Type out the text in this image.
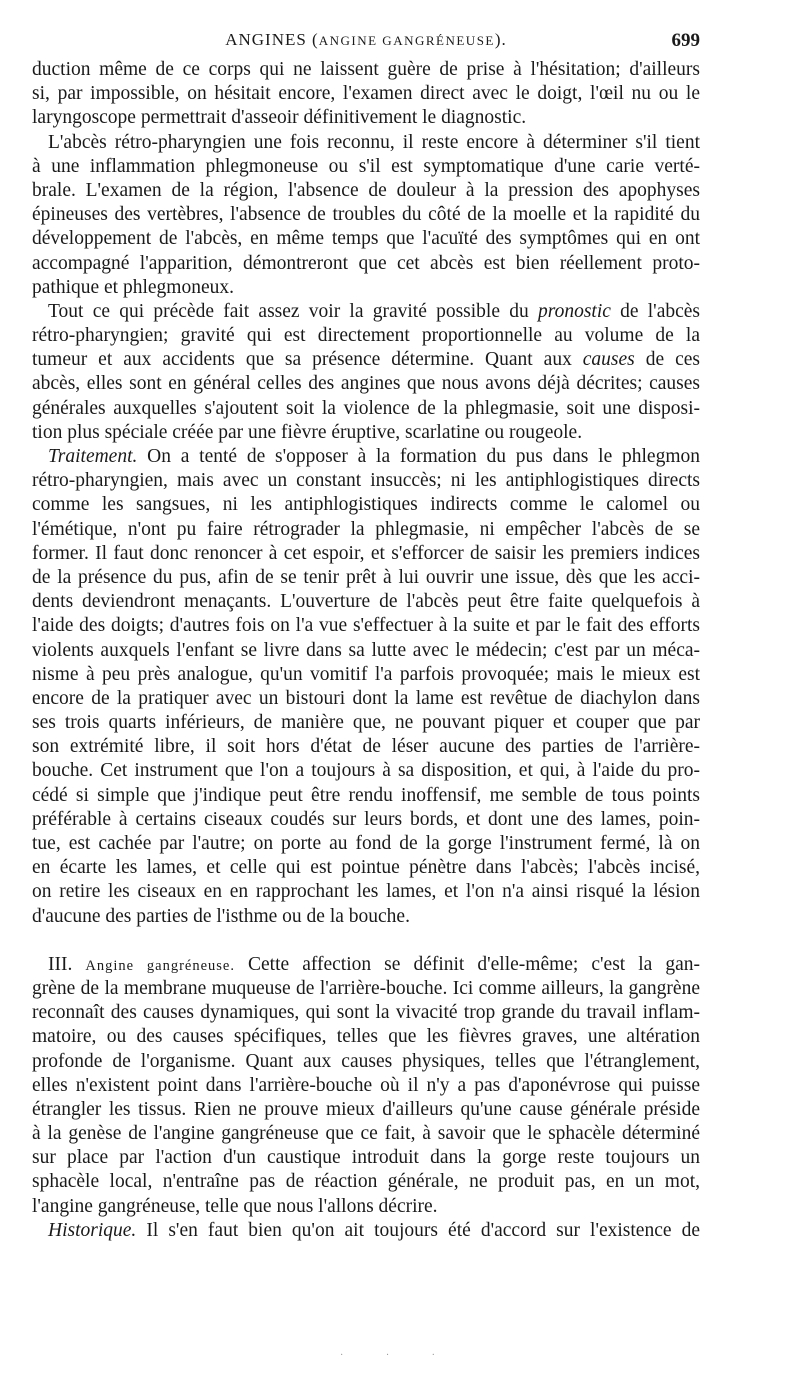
ANGINES (ANGINE GANGRÉNEUSE).	699
duction même de ce corps qui ne laissent guère de prise à l'hésitation; d'ailleurs
si, par impossible, on hésitait encore, l'examen direct avec le doigt, l'œil nu ou le
laryngoscope permettrait d'asseoir définitivement le diagnostic.
L'abcès rétro-pharyngien une fois reconnu, il reste encore à déterminer s'il tient
à une inflammation phlegmoneuse ou s'il est symptomatique d'une carie verté-
brale. L'examen de la région, l'absence de douleur à la pression des apophyses
épineuses des vertèbres, l'absence de troubles du côté de la moelle et la rapidité du
développement de l'abcès, en même temps que l'acuïté des symptômes qui en ont
accompagné l'apparition, démontreront que cet abcès est bien réellement proto-
pathique et phlegmoneux.
Tout ce qui précède fait assez voir la gravité possible du pronostic de l'abcès
rétro-pharyngien; gravité qui est directement proportionnelle au volume de la
tumeur et aux accidents que sa présence détermine. Quant aux causes de ces
abcès, elles sont en général celles des angines que nous avons déjà décrites; causes
générales auxquelles s'ajoutent soit la violence de la phlegmasie, soit une disposi-
tion plus spéciale créée par une fièvre éruptive, scarlatine ou rougeole.
Traitement. On a tenté de s'opposer à la formation du pus dans le phlegmon
rétro-pharyngien, mais avec un constant insuccès; ni les antiphlogistiques directs
comme les sangsues, ni les antiphlogistiques indirects comme le calomel ou
l'émétique, n'ont pu faire rétrograder la phlegmasie, ni empêcher l'abcès de se
former. Il faut donc renoncer à cet espoir, et s'efforcer de saisir les premiers indices
de la présence du pus, afin de se tenir prêt à lui ouvrir une issue, dès que les acci-
dents deviendront menaçants. L'ouverture de l'abcès peut être faite quelquefois à
l'aide des doigts; d'autres fois on l'a vue s'effectuer à la suite et par le fait des efforts
violents auxquels l'enfant se livre dans sa lutte avec le médecin; c'est par un méca-
nisme à peu près analogue, qu'un vomitif l'a parfois provoquée; mais le mieux est
encore de la pratiquer avec un bistouri dont la lame est revêtue de diachylon dans
ses trois quarts inférieurs, de manière que, ne pouvant piquer et couper que par
son extrémité libre, il soit hors d'état de léser aucune des parties de l'arrière-
bouche. Cet instrument que l'on a toujours à sa disposition, et qui, à l'aide du pro-
cédé si simple que j'indique peut être rendu inoffensif, me semble de tous points
préférable à certains ciseaux coudés sur leurs bords, et dont une des lames, poin-
tue, est cachée par l'autre; on porte au fond de la gorge l'instrument fermé, là on
en écarte les lames, et celle qui est pointue pénètre dans l'abcès; l'abcès incisé,
on retire les ciseaux en en rapprochant les lames, et l'on n'a ainsi risqué la lésion
d'aucune des parties de l'isthme ou de la bouche.
III. Angine gangréneuse. Cette affection se définit d'elle-même; c'est la gan-
grène de la membrane muqueuse de l'arrière-bouche. Ici comme ailleurs, la gangrène
reconnaît des causes dynamiques, qui sont la vivacité trop grande du travail inflam-
matoire, ou des causes spécifiques, telles que les fièvres graves, une altération
profonde de l'organisme. Quant aux causes physiques, telles que l'étranglement,
elles n'existent point dans l'arrière-bouche où il n'y a pas d'aponévrose qui puisse
étrangler les tissus. Rien ne prouve mieux d'ailleurs qu'une cause générale préside
à la genèse de l'angine gangréneuse que ce fait, à savoir que le sphacèle déterminé
sur place par l'action d'un caustique introduit dans la gorge reste toujours un
sphacèle local, n'entraîne pas de réaction générale, ne produit pas, en un mot,
l'angine gangréneuse, telle que nous l'allons décrire.
Historique. Il s'en faut bien qu'on ait toujours été d'accord sur l'existence de
· · ·
